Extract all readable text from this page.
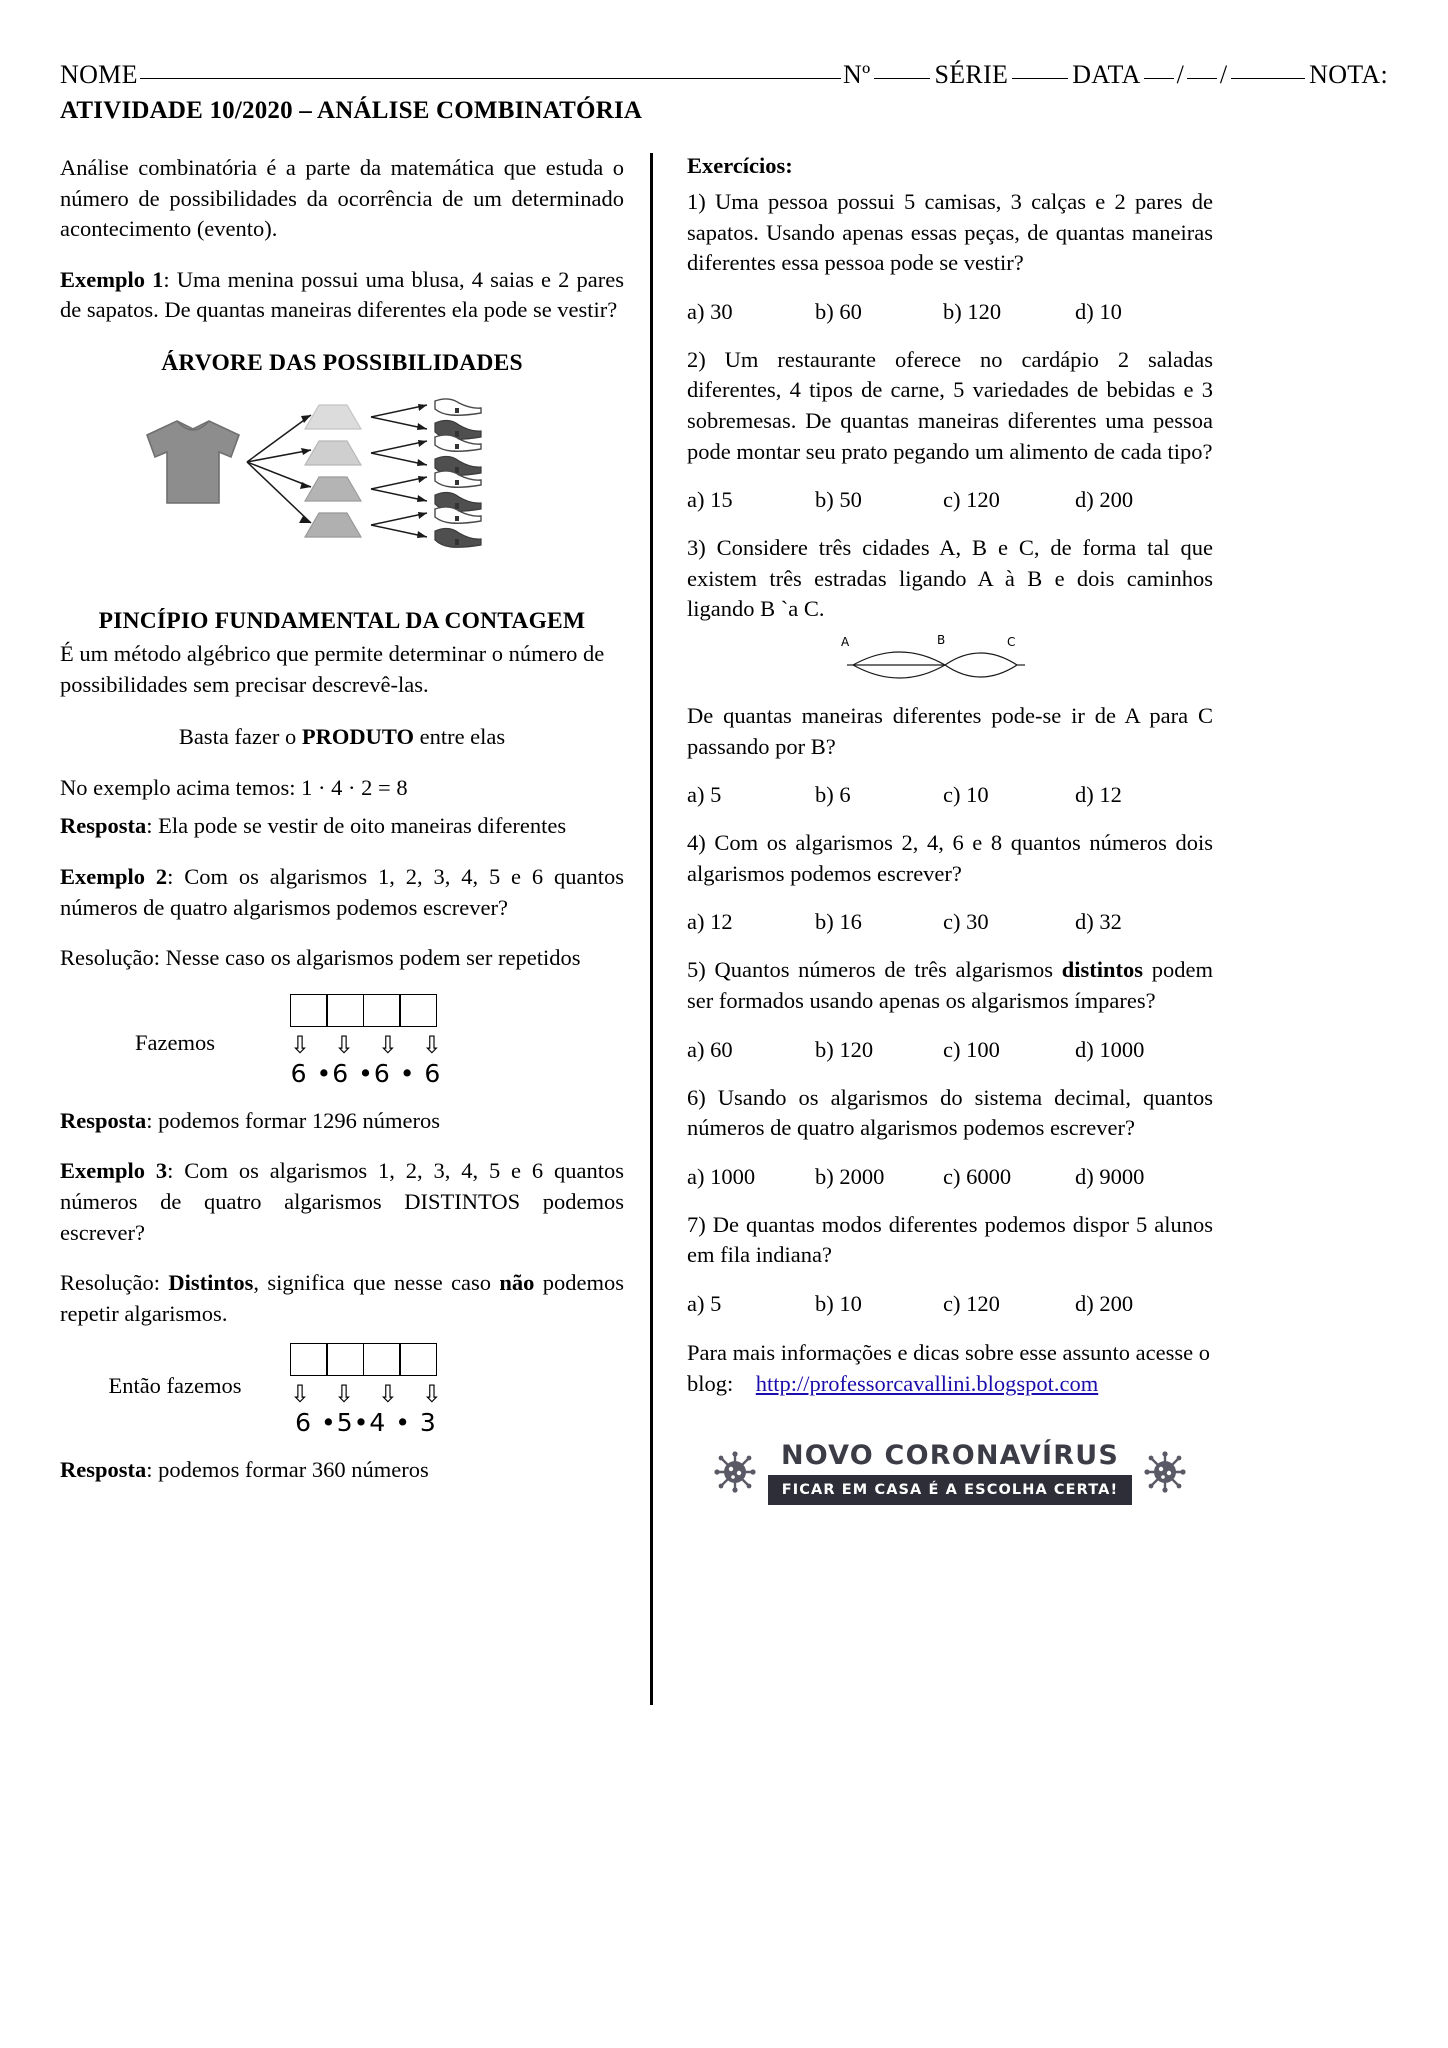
NOME	Nº SÉRIE DATA / /	NOTA:
ATIVIDADE 10/2020 – ANÁLISE COMBINATÓRIA

Análise combinatória é a parte da matemática que estuda o número de possibilidades da ocorrência de um determinado acontecimento (evento).

Exemplo 1: Uma menina possui uma blusa, 4 saias e 2 pares de sapatos. De quantas maneiras diferentes ela pode se vestir?

ÁRVORE DAS POSSIBILIDADES
PINCÍPIO FUNDAMENTAL DA CONTAGEM

É um método algébrico que permite determinar o número de possibilidades sem precisar descrevê-las.

Basta fazer o PRODUTO entre elas

No exemplo acima temos: 1 · 4 · 2 = 8

Resposta: Ela pode se vestir de oito maneiras diferentes

Exemplo 2: Com os algarismos 1, 2, 3, 4, 5 e 6 quantos números de quatro algarismos podemos escrever?

Resolução: Nesse caso os algarismos podem ser repetidos

Fazemos	⇩ ⇩ ⇩ ⇩
6 •6 •6 • 6

Resposta: podemos formar 1296 números

Exemplo 3: Com os algarismos 1, 2, 3, 4, 5 e 6 quantos números de quatro algarismos DISTINTOS podemos escrever?

Resolução: Distintos, significa que nesse caso não podemos repetir algarismos.

Então fazemos	⇩ ⇩ ⇩ ⇩
6 •5•4 • 3

Resposta: podemos formar 360 números

Exercícios:

1) Uma pessoa possui 5 camisas, 3 calças e 2 pares de sapatos. Usando apenas essas peças, de quantas maneiras diferentes essa pessoa pode se vestir?

a) 30	b) 60	b) 120	d) 10

2) Um restaurante oferece no cardápio 2 saladas diferentes, 4 tipos de carne, 5 variedades de bebidas e 3 sobremesas. De quantas maneiras diferentes uma pessoa pode montar seu prato pegando um alimento de cada tipo?

a) 15	b) 50	c) 120	d) 200

3) Considere três cidades A, B e C, de forma tal que existem três estradas ligando A à B e dois caminhos ligando B `a C.

A	B	C

De quantas maneiras diferentes pode-se ir de A para C passando por B?

a) 5	b) 6	c) 10	d) 12

4) Com os algarismos 2, 4, 6 e 8 quantos números dois algarismos podemos escrever?

a) 12	b) 16	c) 30	d) 32

5) Quantos números de três algarismos distintos podem ser formados usando apenas os algarismos ímpares?

a) 60	b) 120	c) 100	d) 1000

6) Usando os algarismos do sistema decimal, quantos números de quatro algarismos podemos escrever?

a) 1000	b) 2000	c) 6000	d) 9000

7) De quantas modos diferentes podemos dispor 5 alunos em fila indiana?

a) 5	b) 10	c) 120	d) 200
Para mais informações e dicas sobre esse assunto acesse o blog: http://professorcavallini.blogspot.com
NOVO CORONAVÍRUS
FICAR EM CASA É A ESCOLHA CERTA!
